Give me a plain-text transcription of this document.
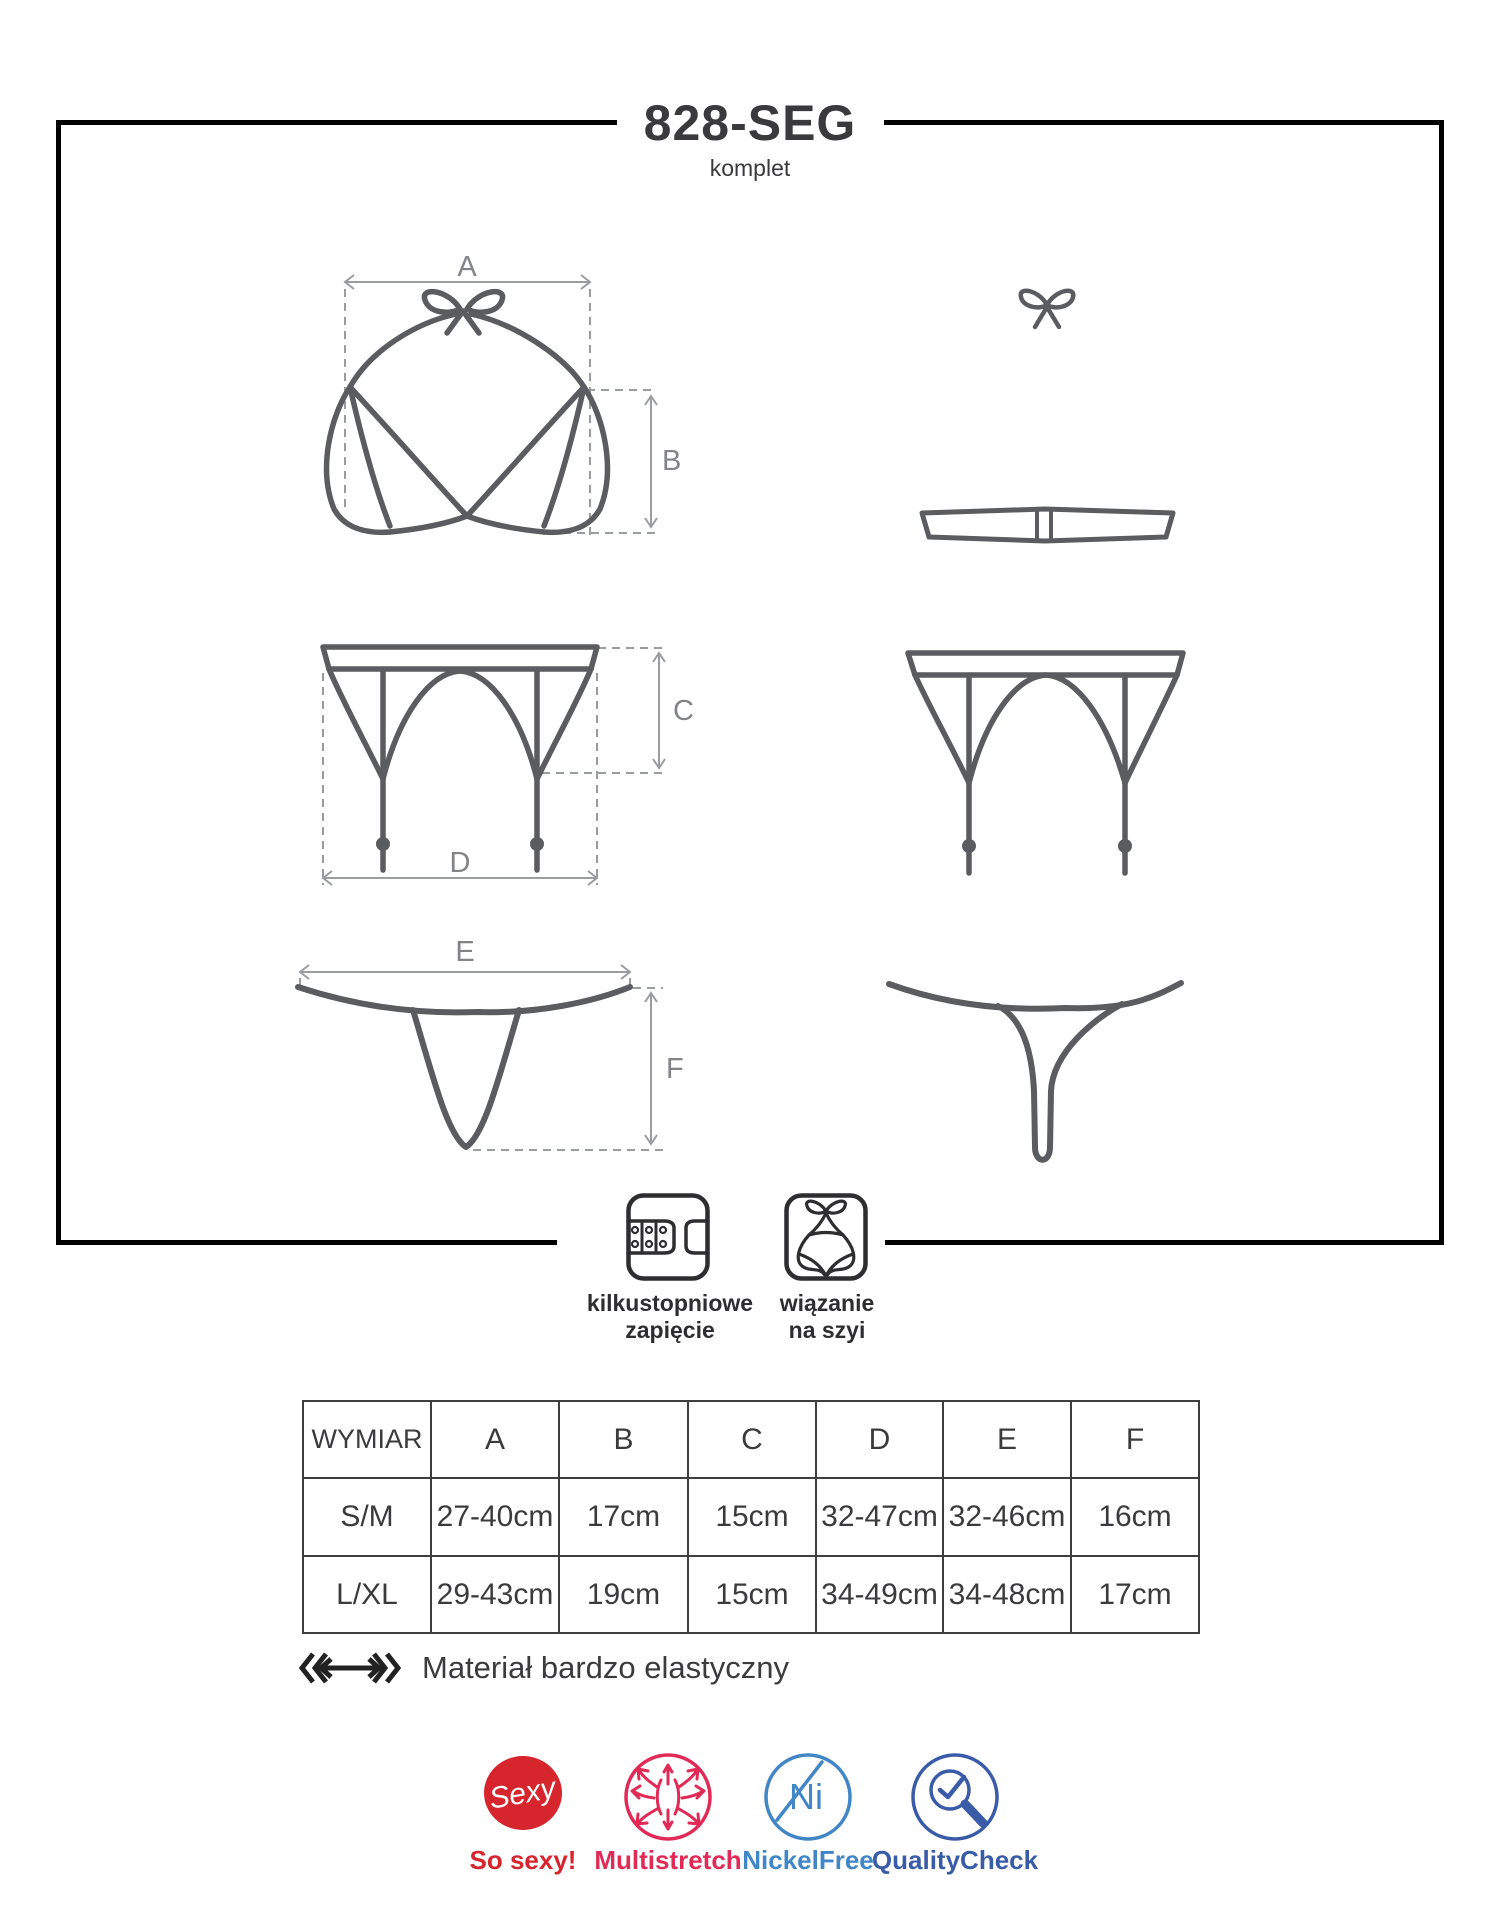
828-SEG
komplet
A
B
D
C
E
F
kilkustopniowe
zapięcie
wiązanie
na szyi
WYMIAR	A	B	C	D	E	F
S/M	27-40cm	17cm	15cm	32-47cm	32-46cm	16cm
L/XL	29-43cm	19cm	15cm	34-49cm	34-48cm	17cm
Materiał bardzo elastyczny
Sexy
So sexy! Multistretch
Ni
NickelFree
QualityCheck
